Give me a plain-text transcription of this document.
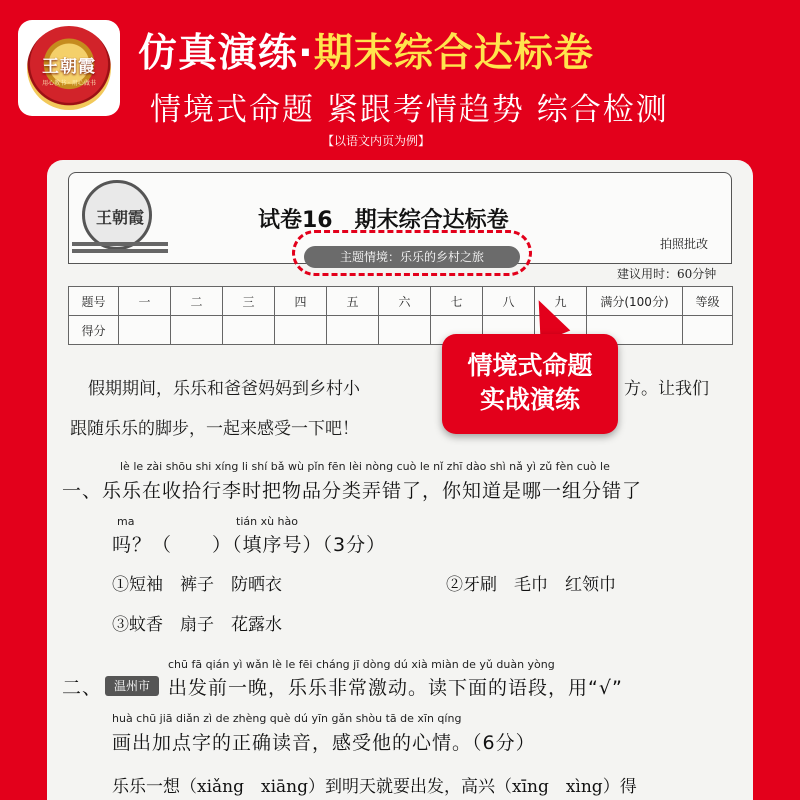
王朝霞
用心教书 · 用心做书
仿真演练·期末综合达标卷
情境式命题 紧跟考情趋势 综合检测
【以语文内页为例】
王朝霞	试卷16　期末综合达标卷
主题情境：乐乐的乡村之旅
拍照批改
建议用时：60分钟
题号	一	二	三	四	五	六	七	八	九	满分(100分)	等级
得分											
假期期间，乐乐和爸爸妈妈到乡村小	方。让我们
跟随乐乐的脚步，一起来感受一下吧！
情境式命题
实战演练
lè le zài shōu shi xíng li shí bǎ wù pǐn fēn lèi nòng cuò le nǐ zhī dào shì nǎ yì zǔ fèn cuò le
一、乐乐在收拾行李时把物品分类弄错了，你知道是哪一组分错了
ma	tián xù hào
吗？（　　）（填序号）（3分）
①短袖　裤子　防晒衣	②牙刷　毛巾　红领巾
③蚊香　扇子　花露水
chū fā qián yì wǎn lè le fēi cháng jī dòng dú xià miàn de yǔ duàn yòng
二、 温州市 出发前一晚，乐乐非常激动。读下面的语段，用“√”
huà chū jiā diǎn zì de zhèng què dú yīn gǎn shòu tā de xīn qíng
画出加点字的正确读音，感受他的心情。（6分）
乐乐一想（xiǎng　xiāng）到明天就要出发，高兴（xīng　xìng）得
